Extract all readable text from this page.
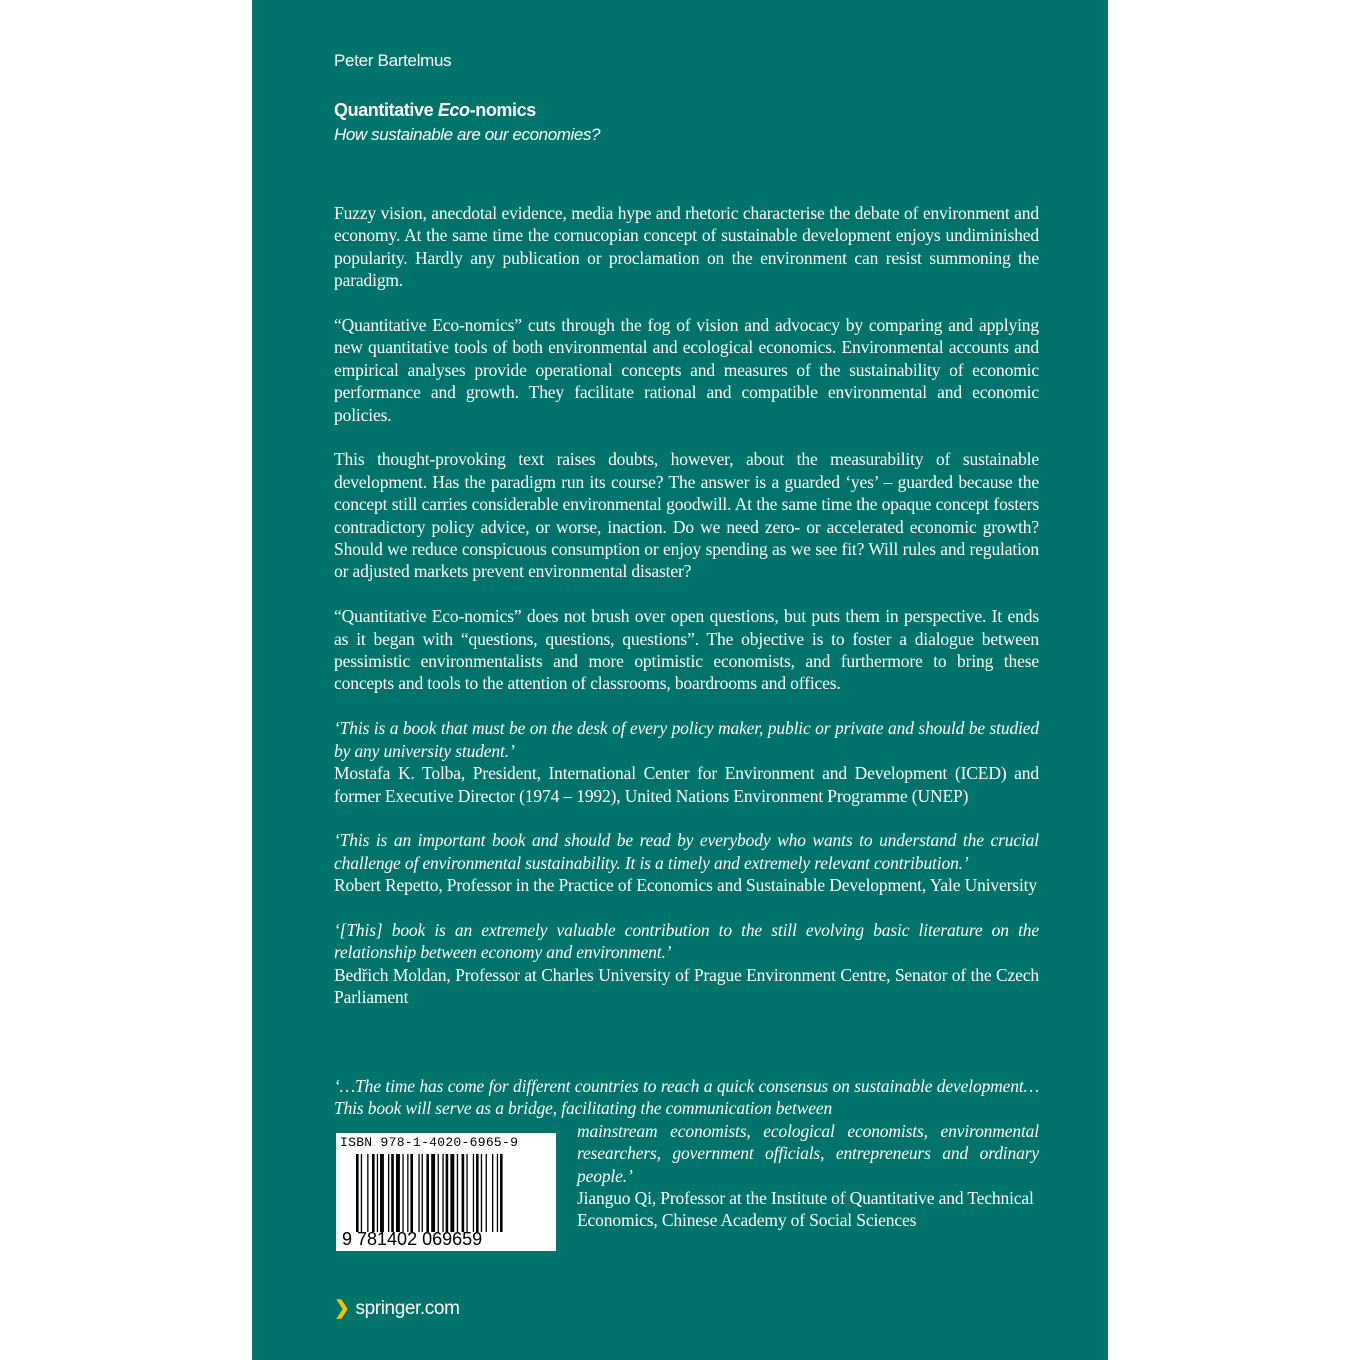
Peter Bartelmus
Quantitative Eco-nomics
How sustainable are our economies?

Fuzzy vision, anecdotal evidence, media hype and rhetoric characterise the debate of environment and economy. At the same time the cornucopian concept of sustainable development enjoys undiminished popularity. Hardly any publication or proclamation on the environment can resist summoning the paradigm.

“Quantitative Eco-nomics” cuts through the fog of vision and advocacy by comparing and applying new quantitative tools of both environmental and ecological economics. Environmental accounts and empirical analyses provide operational concepts and measures of the sustainability of economic performance and growth. They facilitate rational and compatible environmental and economic policies.

This thought-provoking text raises doubts, however, about the measurability of sustainable development. Has the paradigm run its course? The answer is a guarded ‘yes’ – guarded because the concept still carries considerable environmental goodwill. At the same time the opaque concept fosters contradictory policy advice, or worse, inaction. Do we need zero- or accelerated economic growth? Should we reduce conspicuous consumption or enjoy spending as we see fit? Will rules and regulation or adjusted markets prevent environmental disaster?

“Quantitative Eco-nomics” does not brush over open questions, but puts them in perspective. It ends as it began with “questions, questions, questions”. The objective is to foster a dialogue between pessimistic environmentalists and more optimistic economists, and furthermore to bring these concepts and tools to the attention of classrooms, boardrooms and offices.

‘This is a book that must be on the desk of every policy maker, public or private and should be studied by any university student.’
Mostafa K. Tolba, President, International Center for Environment and Development (ICED) and former Executive Director (1974 – 1992), United Nations Environment Programme (UNEP)

‘This is an important book and should be read by everybody who wants to understand the crucial challenge of environmental sustainability. It is a timely and extremely relevant contribution.’
Robert Repetto, Professor in the Practice of Economics and Sustainable Development, Yale University

‘[This] book is an extremely valuable contribution to the still evolving basic literature on the relationship between economy and environment.’
Bedřich Moldan, Professor at Charles University of Prague Environment Centre, Senator of the Czech Parliament

‘…The time has come for different countries to reach a quick consensus on sustainable development… This book will serve as a bridge, facilitating the communication between
mainstream economists, ecological economists, environmental researchers, government officials, entrepreneurs and ordinary people.’
Jianguo Qi, Professor at the Institute of Quantitative and Technical Economics, Chinese Academy of Social Sciences
ISBN 978-1-4020-6965-9
9 781402 069659
❯ springer.com
